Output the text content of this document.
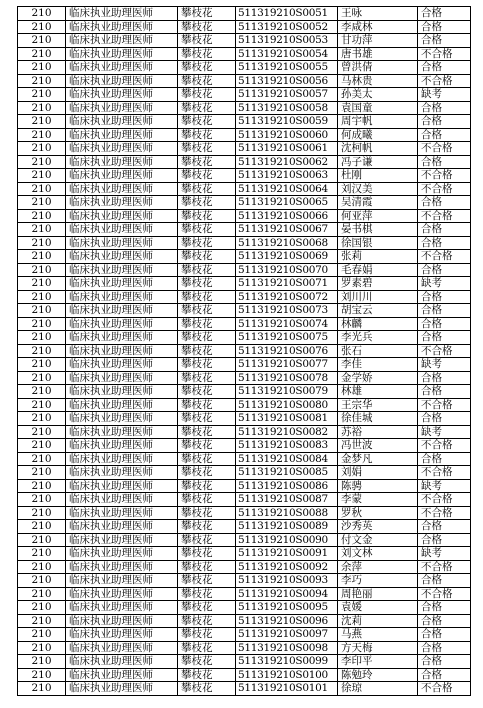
210	临床执业助理医师	攀枝花	511319210S0051	王咏	合格
210	临床执业助理医师	攀枝花	511319210S0052	李咸林	合格
210	临床执业助理医师	攀枝花	511319210S0053	甘功萍	合格
210	临床执业助理医师	攀枝花	511319210S0054	唐书雄	不合格
210	临床执业助理医师	攀枝花	511319210S0055	曾洪倩	合格
210	临床执业助理医师	攀枝花	511319210S0056	马林贵	不合格
210	临床执业助理医师	攀枝花	511319210S0057	孙美太	缺考
210	临床执业助理医师	攀枝花	511319210S0058	袁国童	合格
210	临床执业助理医师	攀枝花	511319210S0059	周宇帆	合格
210	临床执业助理医师	攀枝花	511319210S0060	何成曦	合格
210	临床执业助理医师	攀枝花	511319210S0061	沈柯帆	不合格
210	临床执业助理医师	攀枝花	511319210S0062	冯子谦	合格
210	临床执业助理医师	攀枝花	511319210S0063	杜刚	不合格
210	临床执业助理医师	攀枝花	511319210S0064	刘汉美	不合格
210	临床执业助理医师	攀枝花	511319210S0065	吴清霞	合格
210	临床执业助理医师	攀枝花	511319210S0066	何亚萍	不合格
210	临床执业助理医师	攀枝花	511319210S0067	晏书棋	合格
210	临床执业助理医师	攀枝花	511319210S0068	徐国银	合格
210	临床执业助理医师	攀枝花	511319210S0069	张莉	不合格
210	临床执业助理医师	攀枝花	511319210S0070	毛春娟	合格
210	临床执业助理医师	攀枝花	511319210S0071	罗素碧	缺考
210	临床执业助理医师	攀枝花	511319210S0072	刘川川	合格
210	临床执业助理医师	攀枝花	511319210S0073	胡宝云	合格
210	临床执业助理医师	攀枝花	511319210S0074	林麟	合格
210	临床执业助理医师	攀枝花	511319210S0075	李光兵	合格
210	临床执业助理医师	攀枝花	511319210S0076	张石	不合格
210	临床执业助理医师	攀枝花	511319210S0077	李佳	缺考
210	临床执业助理医师	攀枝花	511319210S0078	金学娇	合格
210	临床执业助理医师	攀枝花	511319210S0079	林雄	合格
210	临床执业助理医师	攀枝花	511319210S0080	王宗华	不合格
210	临床执业助理医师	攀枝花	511319210S0081	徐佳城	合格
210	临床执业助理医师	攀枝花	511319210S0082	苏裕	缺考
210	临床执业助理医师	攀枝花	511319210S0083	冯世波	不合格
210	临床执业助理医师	攀枝花	511319210S0084	金梦凡	合格
210	临床执业助理医师	攀枝花	511319210S0085	刘娟	不合格
210	临床执业助理医师	攀枝花	511319210S0086	陈骋	缺考
210	临床执业助理医师	攀枝花	511319210S0087	李蒙	不合格
210	临床执业助理医师	攀枝花	511319210S0088	罗秋	不合格
210	临床执业助理医师	攀枝花	511319210S0089	沙秀英	合格
210	临床执业助理医师	攀枝花	511319210S0090	付文金	合格
210	临床执业助理医师	攀枝花	511319210S0091	刘文林	缺考
210	临床执业助理医师	攀枝花	511319210S0092	余萍	不合格
210	临床执业助理医师	攀枝花	511319210S0093	李巧	合格
210	临床执业助理医师	攀枝花	511319210S0094	周艳丽	不合格
210	临床执业助理医师	攀枝花	511319210S0095	袁媛	合格
210	临床执业助理医师	攀枝花	511319210S0096	沈莉	合格
210	临床执业助理医师	攀枝花	511319210S0097	马燕	合格
210	临床执业助理医师	攀枝花	511319210S0098	方天梅	合格
210	临床执业助理医师	攀枝花	511319210S0099	李印平	合格
210	临床执业助理医师	攀枝花	511319210S0100	陈勉玲	合格
210	临床执业助理医师	攀枝花	511319210S0101	徐琼	不合格
